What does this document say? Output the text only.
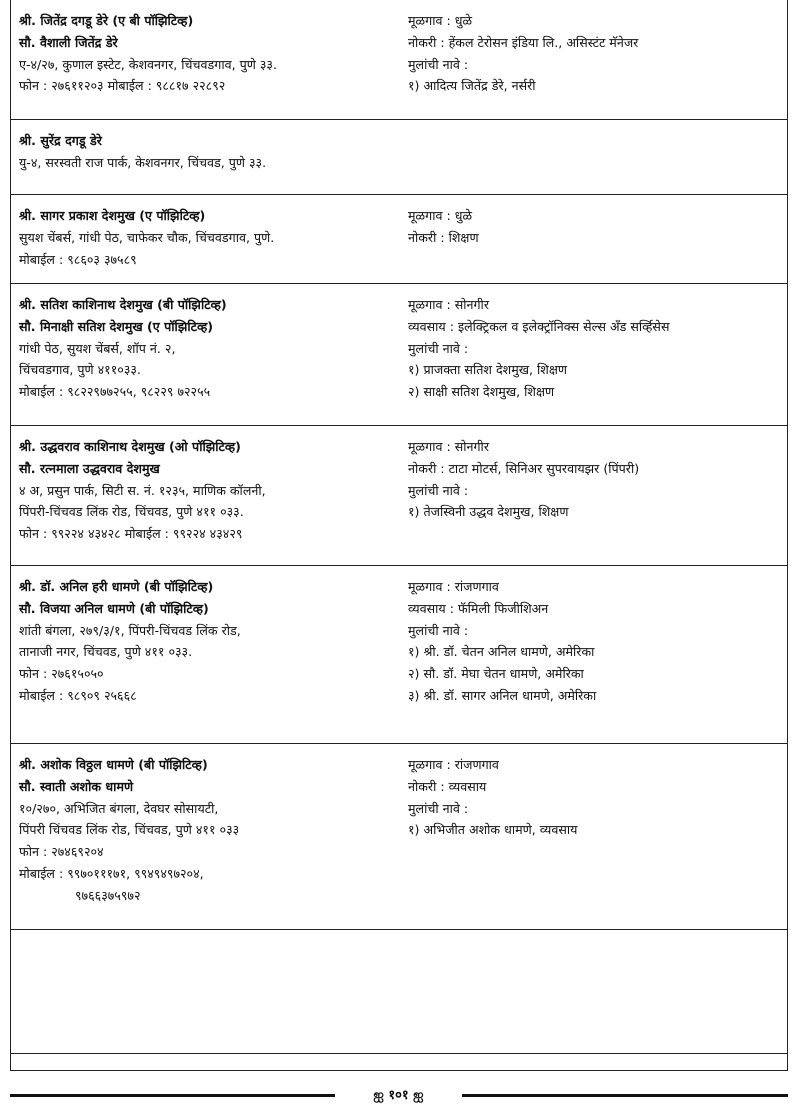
श्री. जितेंद्र दगडू डेरे (ए बी पॉझिटिव्ह)
सौ. वैशाली जितेंद्र डेरे
ए-४/२७, कुणाल इस्टेट, केशवनगर, चिंचवडगाव, पुणे ३३.
फोन : २७६११२०३ मोबाईल : ९८८१७ २२८९२
मूळगाव : धुळे
नोकरी : हेंकल टेरोसन इंडिया लि., असिस्टंट मॅनेजर
मुलांची नावे :
१) आदित्य जितेंद्र डेरे, नर्सरी
श्री. सुरेंद्र दगडू डेरे
यु-४, सरस्वती राज पार्क, केशवनगर, चिंचवड, पुणे ३३.
श्री. सागर प्रकाश देशमुख (ए पॉझिटिव्ह)
सुयश चेंबर्स, गांधी पेठ, चाफेकर चौक, चिंचवडगाव, पुणे.
मोबाईल : ९८६०३ ३७५८९
मूळगाव : धुळे
नोकरी : शिक्षण
श्री. सतिश काशिनाथ देशमुख (बी पॉझिटिव्ह)
सौ. मिनाक्षी सतिश देशमुख (ए पॉझिटिव्ह)
गांधी पेठ, सुयश चेंबर्स, शॉप नं. २,
चिंचवडगाव, पुणे ४११०३३.
मोबाईल : ९८२२९७७२५५, ९८२२९ ७२२५५
मूळगाव : सोनगीर
व्यवसाय : इलेक्ट्रिकल व इलेक्ट्रॉनिक्स सेल्स अँड सर्व्हिसेस
मुलांची नावे :
१) प्राजक्ता सतिश देशमुख, शिक्षण
२) साक्षी सतिश देशमुख, शिक्षण
श्री. उद्धवराव काशिनाथ देशमुख (ओ पॉझिटिव्ह)
सौ. रत्नमाला उद्धवराव देशमुख
४ अ, प्रसुन पार्क, सिटी स. नं. १२३५, माणिक कॉलनी,
पिंपरी-चिंचवड लिंक रोड, चिंचवड, पुणे ४११ ०३३.
फोन : ९९२२४ ४३४२८ मोबाईल : ९९२२४ ४३४२९
मूळगाव : सोनगीर
नोकरी : टाटा मोटर्स, सिनिअर सुपरवायझर (पिंपरी)
मुलांची नावे :
१) तेजस्विनी उद्धव देशमुख, शिक्षण
श्री. डॉ. अनिल हरी धामणे (बी पॉझिटिव्ह)
सौ. विजया अनिल धामणे (बी पॉझिटिव्ह)
शांती बंगला, २७९/३/१, पिंपरी-चिंचवड लिंक रोड,
तानाजी नगर, चिंचवड, पुणे ४११ ०३३.
फोन : २७६१५०५०
मोबाईल : ९८९०९ २५६६८
मूळगाव : रांजणगाव
व्यवसाय : फॅमिली फिजीशिअन
मुलांची नावे :
१) श्री. डॉ. चेतन अनिल धामणे, अमेरिका
२) सौ. डॉ. मेघा चेतन धामणे, अमेरिका
३) श्री. डॉ. सागर अनिल धामणे, अमेरिका
श्री. अशोक विठ्ठल धामणे (बी पॉझिटिव्ह)
सौ. स्वाती अशोक धामणे
१०/२७०, अभिजित बंगला, देवघर सोसायटी,
पिंपरी चिंचवड लिंक रोड, चिंचवड, पुणे ४११ ०३३
फोन : २७४६९२०४
मोबाईल : ९९७०१११७१, ९९४९४९७२०४,
९७६६३७५९७२
मूळगाव : रांजणगाव
नोकरी : व्यवसाय
मुलांची नावे :
१) अभिजीत अशोक धामणे, व्यवसाय
ஐ १०१ ஐ
